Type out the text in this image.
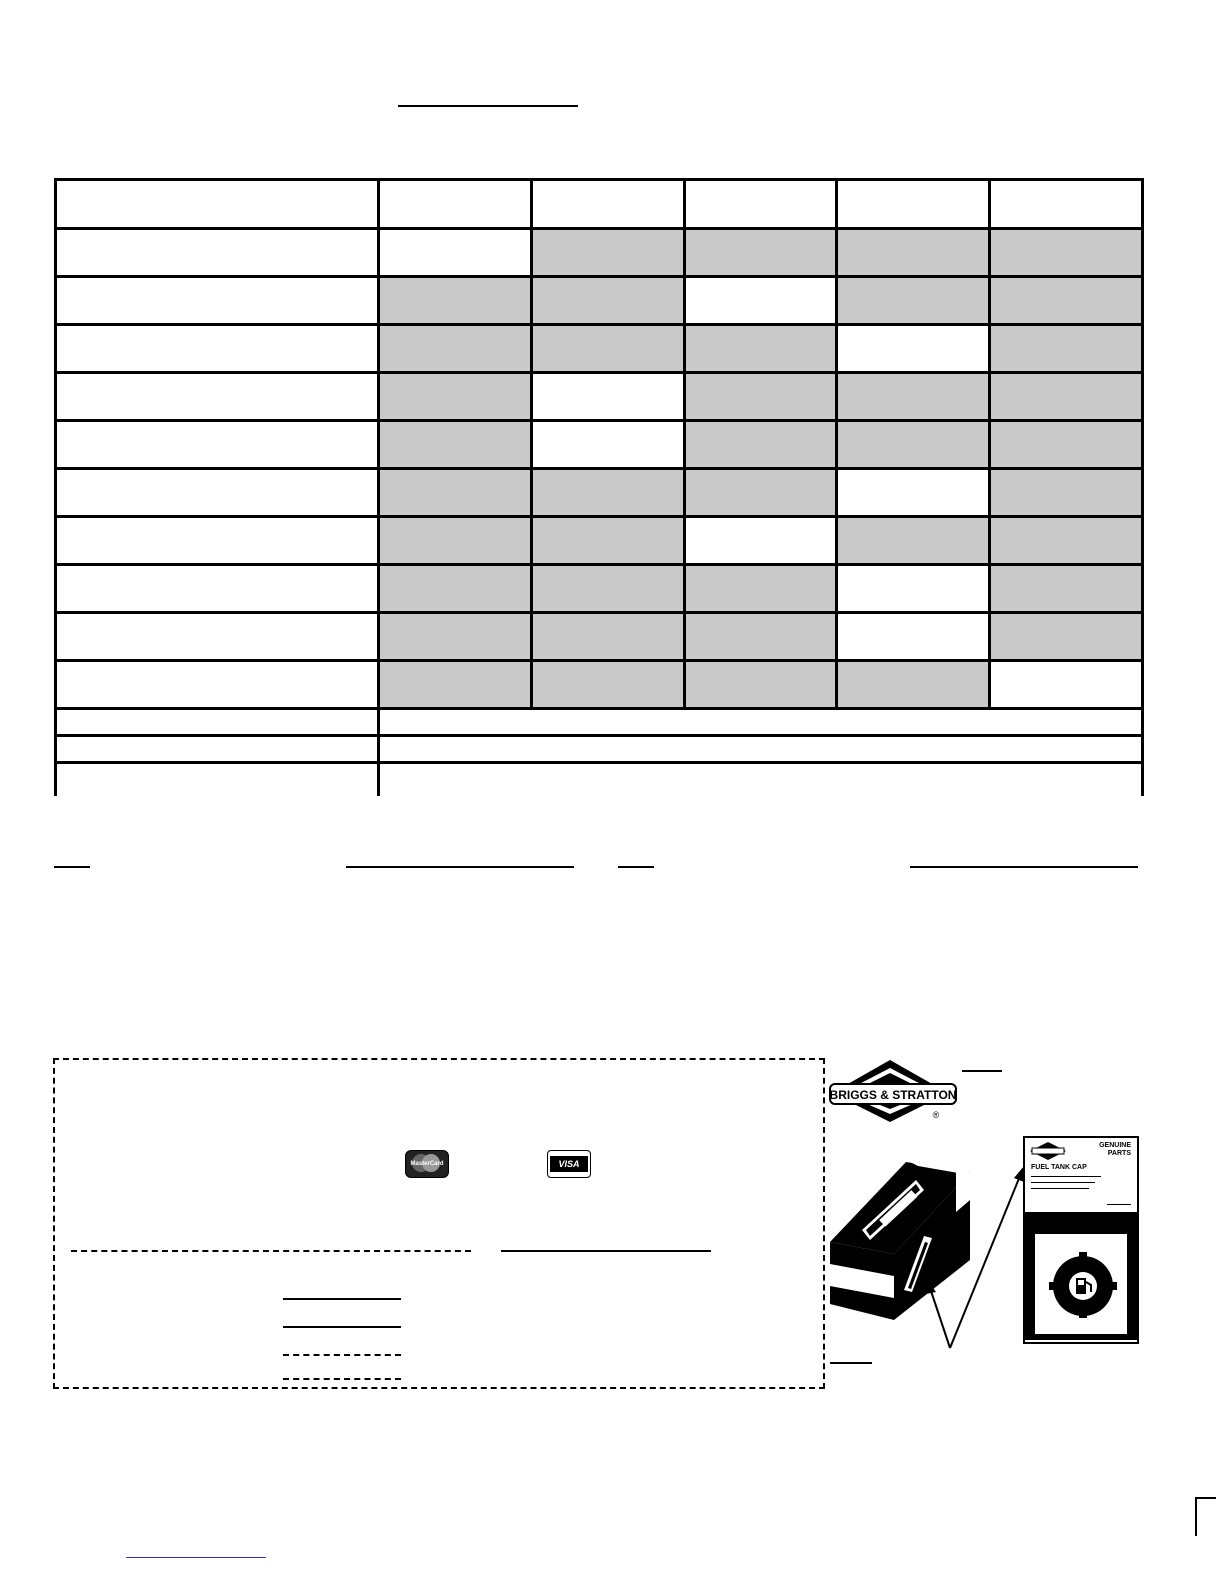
MasterCard	VISA
BRIGGS & STRATTON
®
GENUINE PARTS
FUEL TANK CAP
